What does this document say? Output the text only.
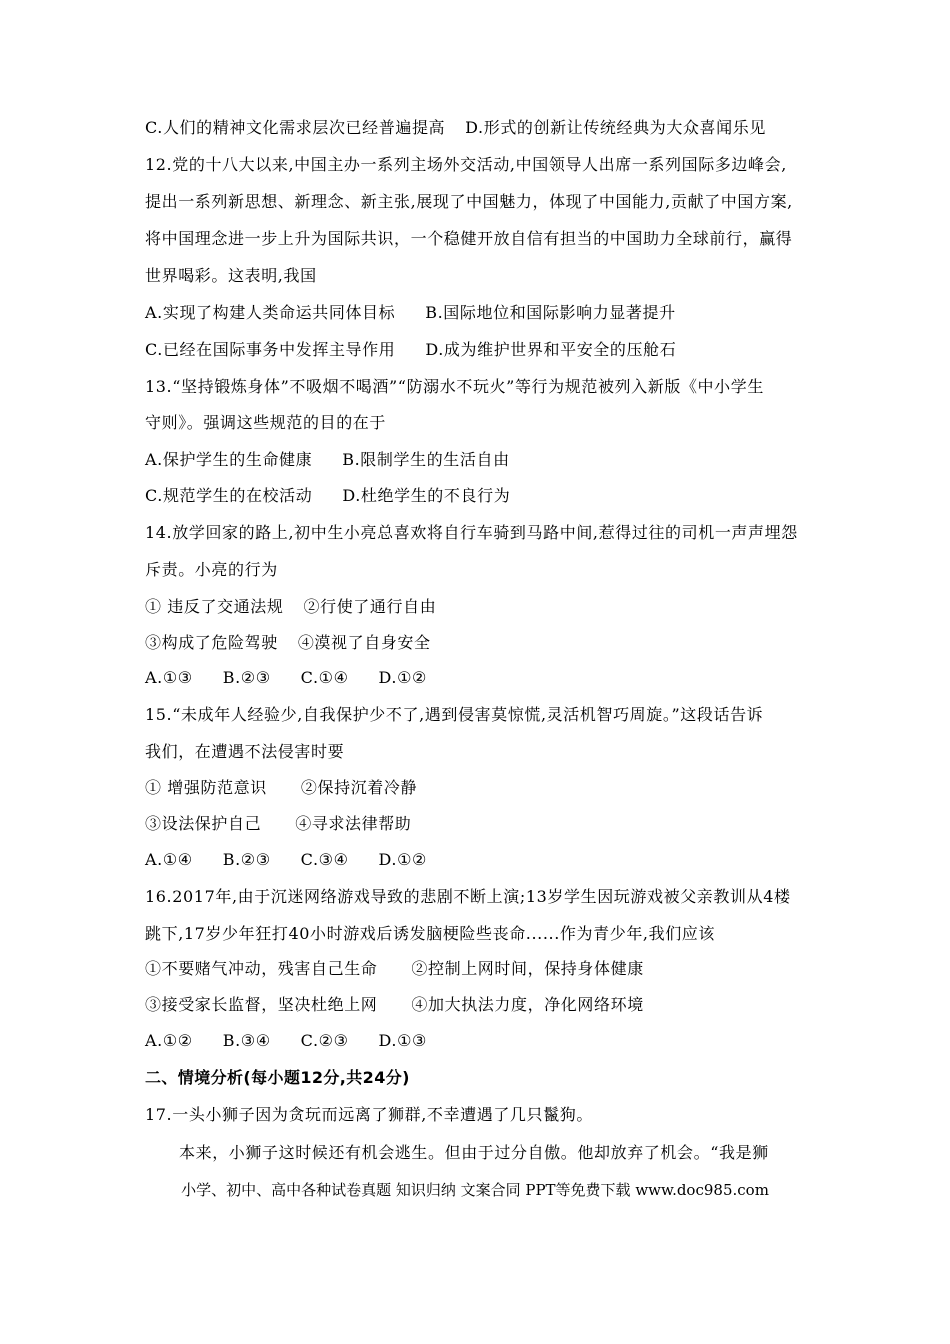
C.人们的精神文化需求层次已经普遍提高 D.形式的创新让传统经典为大众喜闻乐见
12.党的十八大以来,中国主办一系列主场外交活动,中国领导人出席一系列国际多边峰会,
提出一系列新思想、新理念、新主张,展现了中国魅力，体现了中国能力,贡献了中国方案,
将中国理念进一步上升为国际共识，一个稳健开放自信有担当的中国助力全球前行，赢得
世界喝彩。这表明,我国
A.实现了构建人类命运共同体目标 B.国际地位和国际影响力显著提升
C.已经在国际事务中发挥主导作用 D.成为维护世界和平安全的压舱石
13.“坚持锻炼身体”不吸烟不喝酒”“防溺水不玩火”等行为规范被列入新版《中小学生
守则》。强调这些规范的目的在于
A.保护学生的生命健康 B.限制学生的生活自由
C.规范学生的在校活动 D.杜绝学生的不良行为
14.放学回家的路上,初中生小亮总喜欢将自行车骑到马路中间,惹得过往的司机一声声埋怨
斥责。小亮的行为
① 违反了交通法规 ②行使了通行自由
③构成了危险驾驶 ④漠视了自身安全
A.①③ B.②③ C.①④ D.①②
15.“未成年人经验少,自我保护少不了,遇到侵害莫惊慌,灵活机智巧周旋。”这段话告诉
我们，在遭遇不法侵害时要
① 增强防范意识 ②保持沉着冷静
③设法保护自己 ④寻求法律帮助
A.①④ B.②③ C.③④ D.①②
16.2017年,由于沉迷网络游戏导致的悲剧不断上演;13岁学生因玩游戏被父亲教训从4楼
跳下,17岁少年狂打40小时游戏后诱发脑梗险些丧命......作为青少年,我们应该
①不要赌气冲动，残害自己生命 ②控制上网时间，保持身体健康
③接受家长监督，坚决杜绝上网 ④加大执法力度，净化网络环境
A.①② B.③④ C.②③ D.①③
二、情境分析(每小题12分,共24分)
17.一头小狮子因为贪玩而远离了狮群,不幸遭遇了几只鬣狗。
本来，小狮子这时候还有机会逃生。但由于过分自傲。他却放弃了机会。“我是狮
小学、初中、高中各种试卷真题 知识归纳 文案合同 PPT等免费下载 www.doc985.com
